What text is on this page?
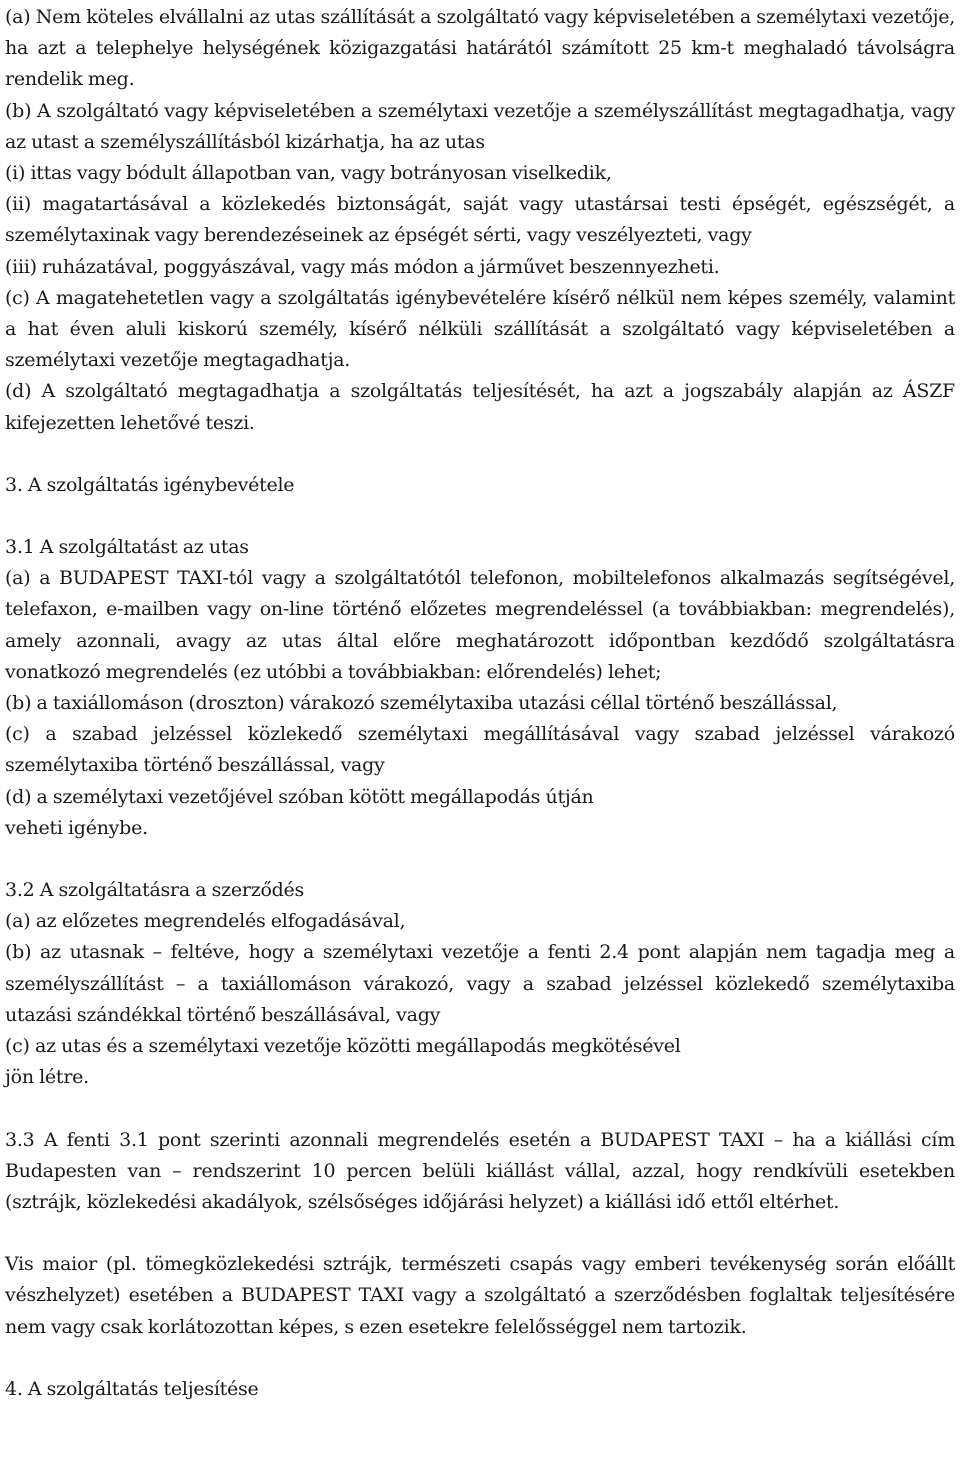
(a) Nem köteles elvállalni az utas szállítását a szolgáltató vagy képviseletében a személytaxi vezetője, ha azt a telephelye helységének közigazgatási határától számított 25 km-t meghaladó távolságra rendelik meg.
(b) A szolgáltató vagy képviseletében a személytaxi vezetője a személyszállítást megtagadhatja, vagy az utast a személyszállításból kizárhatja, ha az utas
(i) ittas vagy bódult állapotban van, vagy botrányosan viselkedik,
(ii) magatartásával a közlekedés biztonságát, saját vagy utastársai testi épségét, egészségét, a személytaxinak vagy berendezéseinek az épségét sérti, vagy veszélyezteti, vagy
(iii) ruházatával, poggyászával, vagy más módon a járművet beszennyezheti.
(c) A magatehetetlen vagy a szolgáltatás igénybevételére kísérő nélkül nem képes személy, valamint a hat éven aluli kiskorú személy, kísérő nélküli szállítását a szolgáltató vagy képviseletében a személytaxi vezetője megtagadhatja.
(d) A szolgáltató megtagadhatja a szolgáltatás teljesítését, ha azt a jogszabály alapján az ÁSZF kifejezetten lehetővé teszi.
3. A szolgáltatás igénybevétele
3.1 A szolgáltatást az utas
(a) a BUDAPEST TAXI-tól vagy a szolgáltatótól telefonon, mobiltelefonos alkalmazás segítségével, telefaxon, e-mailben vagy on-line történő előzetes megrendeléssel (a továbbiakban: megrendelés), amely azonnali, avagy az utas által előre meghatározott időpontban kezdődő szolgáltatásra vonatkozó megrendelés (ez utóbbi a továbbiakban: előrendelés) lehet;
(b) a taxiállomáson (droszton) várakozó személytaxiba utazási céllal történő beszállással,
(c) a szabad jelzéssel közlekedő személytaxi megállításával vagy szabad jelzéssel várakozó személytaxiba történő beszállással, vagy
(d) a személytaxi vezetőjével szóban kötött megállapodás útján
veheti igénybe.
3.2 A szolgáltatásra a szerződés
(a) az előzetes megrendelés elfogadásával,
(b) az utasnak – feltéve, hogy a személytaxi vezetője a fenti 2.4 pont alapján nem tagadja meg a személyszállítást – a taxiállomáson várakozó, vagy a szabad jelzéssel közlekedő személytaxiba utazási szándékkal történő beszállásával, vagy
(c) az utas és a személytaxi vezetője közötti megállapodás megkötésével
jön létre.
3.3 A fenti 3.1 pont szerinti azonnali megrendelés esetén a BUDAPEST TAXI – ha a kiállási cím Budapesten van – rendszerint 10 percen belüli kiállást vállal, azzal, hogy rendkívüli esetekben (sztrájk, közlekedési akadályok, szélsőséges időjárási helyzet) a kiállási idő ettől eltérhet.
Vis maior (pl. tömegközlekedési sztrájk, természeti csapás vagy emberi tevékenység során előállt vészhelyzet) esetében a BUDAPEST TAXI vagy a szolgáltató a szerződésben foglaltak teljesítésére nem vagy csak korlátozottan képes, s ezen esetekre felelősséggel nem tartozik.
4. A szolgáltatás teljesítése
